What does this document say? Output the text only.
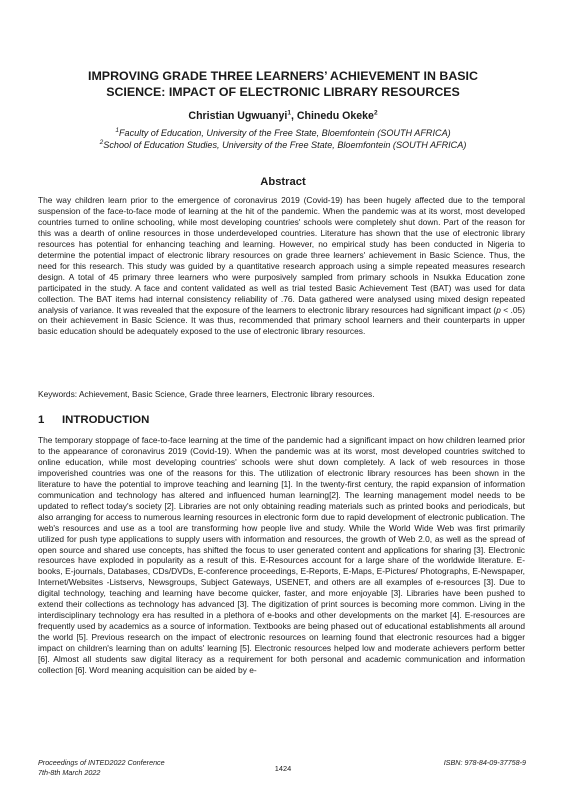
IMPROVING GRADE THREE LEARNERS’ ACHIEVEMENT IN BASIC
SCIENCE: IMPACT OF ELECTRONIC LIBRARY RESOURCES

Christian Ugwuanyi$^1$, Chinedu Okeke$^2$

$^1$Faculty of Education, University of the Free State, Bloemfontein (SOUTH AFRICA)

$^2$School of Education Studies, University of the Free State, Bloemfontein (SOUTH AFRICA)

Abstract

The way children learn prior to the emergence of coronavirus 2019 (Covid-19) has been hugely affected due to the temporal suspension of the face-to-face mode of learning at the hit of the pandemic. When the pandemic was at its worst, most developed countries turned to online schooling, while most developing countries' schools were completely shut down. Part of the reason for this was a dearth of online resources in those underdeveloped countries. Literature has shown that the use of electronic library resources has potential for enhancing teaching and learning. However, no empirical study has been conducted in Nigeria to determine the potential impact of electronic library resources on grade three learners' achievement in Basic Science. Thus, the need for this research. This study was guided by a quantitative research approach using a simple repeated measures research design. A total of 45 primary three learners who were purposively sampled from primary schools in Nsukka Education zone participated in the study. A face and content validated as well as trial tested Basic Achievement Test (BAT) was used for data collection. The BAT items had internal consistency reliability of .76. Data gathered were analysed using mixed design repeated analysis of variance. It was revealed that the exposure of the learners to electronic library resources had significant impact (p < .05) on their achievement in Basic Science. It was thus, recommended that primary school learners and their counterparts in upper basic education should be adequately exposed to the use of electronic library resources.

Keywords: Achievement, Basic Science, Grade three learners, Electronic library resources.

1 INTRODUCTION

The temporary stoppage of face-to-face learning at the time of the pandemic had a significant impact on how children learned prior to the appearance of coronavirus 2019 (Covid-19). When the pandemic was at its worst, most developed countries switched to online education, while most developing countries' schools were shut down completely. A lack of web resources in those impoverished countries was one of the reasons for this. The utilization of electronic library resources has been shown in the literature to have the potential to improve teaching and learning [1]. In the twenty-first century, the rapid expansion of information communication and technology has altered and influenced human learning[2]. The learning management model needs to be updated to reflect today's society [2]. Libraries are not only obtaining reading materials such as printed books and periodicals, but also arranging for access to numerous learning resources in electronic form due to rapid development of electronic publication. The web's resources and use as a tool are transforming how people live and study. While the World Wide Web was first primarily utilized for push type applications to supply users with information and resources, the growth of Web 2.0, as well as the spread of open source and shared use concepts, has shifted the focus to user generated content and applications for sharing [3]. Electronic resources have exploded in popularity as a result of this. E-Resources account for a large share of the worldwide literature. E-books, E-journals, Databases, CDs/DVDs, E-conference proceedings, E-Reports, E-Maps, E-Pictures/ Photographs, E-Newspaper, Internet/Websites -Listservs, Newsgroups, Subject Gateways, USENET, and others are all examples of e-resources [3]. Due to digital technology, teaching and learning have become quicker, faster, and more enjoyable [3]. Libraries have been pushed to extend their collections as technology has advanced [3]. The digitization of print sources is becoming more common. Living in the interdisciplinary technology era has resulted in a plethora of e-books and other developments on the market [4]. E-resources are frequently used by academics as a source of information. Textbooks are being phased out of educational establishments all around the world [5]. Previous research on the impact of electronic resources on learning found that electronic resources had a bigger impact on children's learning than on adults' learning [5]. Electronic resources helped low and moderate achievers perform better [6]. Almost all students saw digital literacy as a requirement for both personal and academic communication and information collection [6]. Word meaning acquisition can be aided by e-

Proceedings of INTED2022 Conference
7th-8th March 2022	1424
ISBN: 978-84-09-37758-9
